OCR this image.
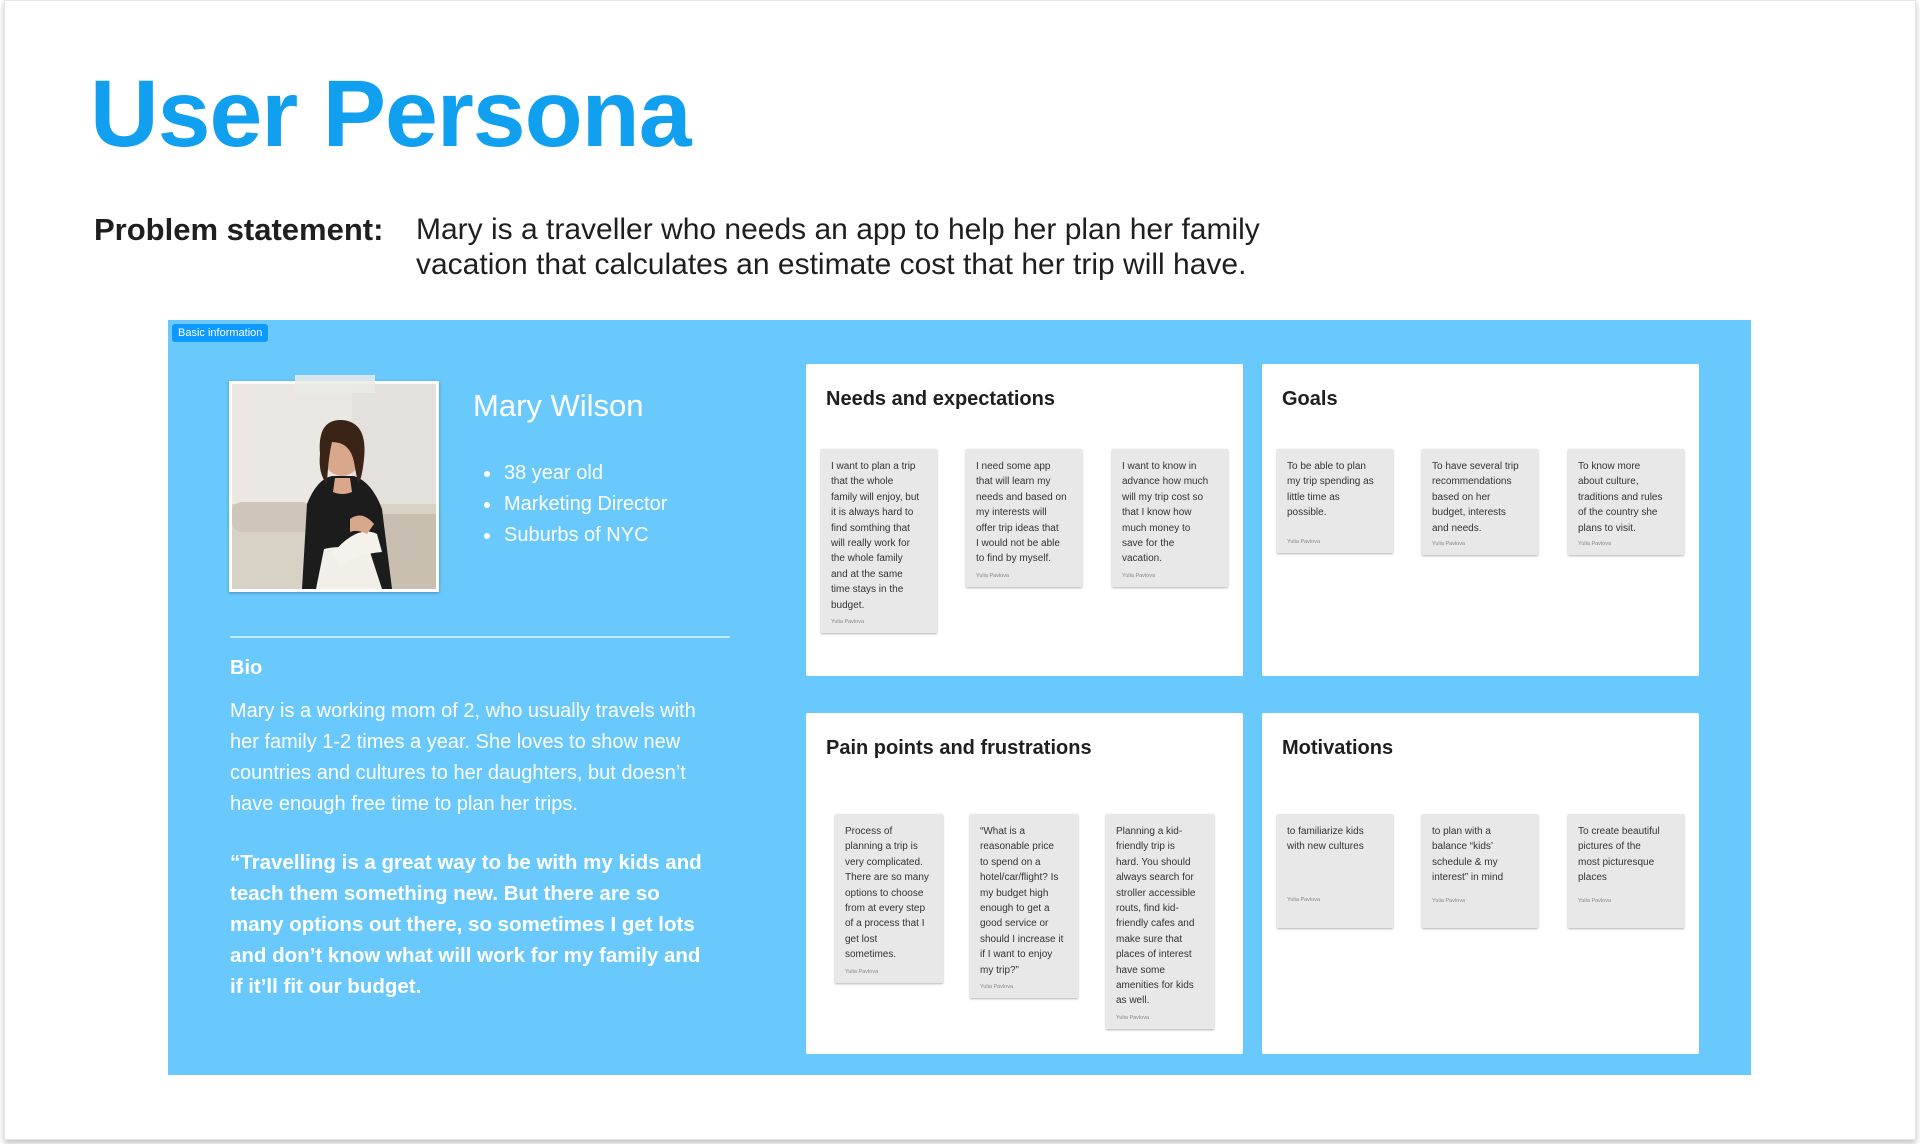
User Persona
Problem statement: Mary is a traveller who needs an app to help her plan her family
vacation that calculates an estimate cost that her trip will have.
Basic information
Mary Wilson
38 year old
Marketing Director
Suburbs of NYC
Bio
Mary is a working mom of 2, who usually travels with
her family 1-2 times a year. She loves to show new
countries and cultures to her daughters, but doesn’t
have enough free time to plan her trips.
“Travelling is a great way to be with my kids and
teach them something new. But there are so
many options out there, so sometimes I get lots
and don’t know what will work for my family and
if it’ll fit our budget.
Needs and expectations
I want to plan a trip
that the whole
family will enjoy, but
it is always hard to
find somthing that
will really work for
the whole family
and at the same
time stays in the
budget.
Yulia Pavlova
I need some app
that will learn my
needs and based on
my interests will
offer trip ideas that
I would not be able
to find by myself.
Yulia Pavlova
I want to know in
advance how much
will my trip cost so
that I know how
much money to
save for the
vacation.
Yulia Pavlova
Goals
To be able to plan
my trip spending as
little time as
possible.
Yulia Pavlova
To have several trip
recommendations
based on her
budget, interests
and needs.
Yulia Pavlova
To know more
about culture,
traditions and rules
of the country she
plans to visit.
Yulia Pavlova
Pain points and frustrations
Process of
planning a trip is
very complicated.
There are so many
options to choose
from at every step
of a process that I
get lost
sometimes.
Yulia Pavlova
“What is a
reasonable price
to spend on a
hotel/car/flight? Is
my budget high
enough to get a
good service or
should I increase it
if I want to enjoy
my trip?”
Yulia Pavlova
Planning a kid-
friendly trip is
hard. You should
always search for
stroller accessible
routs, find kid-
friendly cafes and
make sure that
places of interest
have some
amenities for kids
as well.
Yulia Pavlova
Motivations
to familiarize kids
with new cultures
Yulia Pavlova
to plan with a
balance “kids’
schedule & my
interest” in mind
Yulia Pavlova
To create beautiful
pictures of the
most picturesque
places
Yulia Pavlova
